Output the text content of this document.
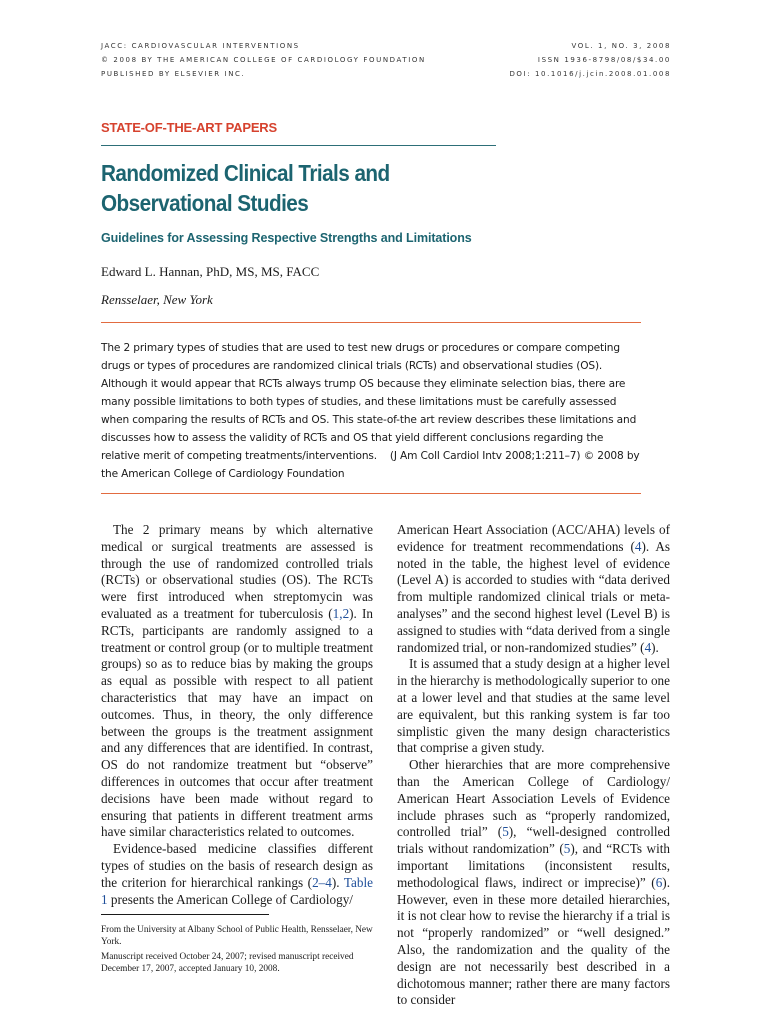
JACC: CARDIOVASCULAR INTERVENTIONS
© 2008 BY THE AMERICAN COLLEGE OF CARDIOLOGY FOUNDATION
PUBLISHED BY ELSEVIER INC.
VOL. 1, NO. 3, 2008
ISSN 1936-8798/08/$34.00
DOI: 10.1016/j.jcin.2008.01.008
STATE-OF-THE-ART PAPERS
Randomized Clinical Trials and Observational Studies
Guidelines for Assessing Respective Strengths and Limitations
Edward L. Hannan, PhD, MS, MS, FACC
Rensselaer, New York
The 2 primary types of studies that are used to test new drugs or procedures or compare competing drugs or types of procedures are randomized clinical trials (RCTs) and observational studies (OS). Although it would appear that RCTs always trump OS because they eliminate selection bias, there are many possible limitations to both types of studies, and these limitations must be carefully assessed when comparing the results of RCTs and OS. This state-of-the art review describes these limitations and discusses how to assess the validity of RCTs and OS that yield different conclusions regarding the relative merit of competing treatments/interventions. (J Am Coll Cardiol Intv 2008;1:211–7) © 2008 by the American College of Cardiology Foundation

The 2 primary means by which alternative medical or surgical treatments are assessed is through the use of randomized controlled trials (RCTs) or observational studies (OS). The RCTs were first introduced when streptomycin was evaluated as a treatment for tuberculosis (1,2). In RCTs, participants are randomly assigned to a treatment or control group (or to multiple treatment groups) so as to reduce bias by making the groups as equal as possible with respect to all patient characteristics that may have an impact on outcomes. Thus, in theory, the only difference between the groups is the treatment assignment and any differences that are identified. In contrast, OS do not randomize treatment but “observe” differences in outcomes that occur after treatment decisions have been made without regard to ensuring that patients in different treatment arms have similar characteristics related to outcomes.

Evidence-based medicine classifies different types of studies on the basis of research design as the criterion for hierarchical rankings (2–4). Table 1 presents the American College of Cardiology/

From the University at Albany School of Public Health, Rensselaer, New York.

Manuscript received October 24, 2007; revised manuscript received December 17, 2007, accepted January 10, 2008.

American Heart Association (ACC/AHA) levels of evidence for treatment recommendations (4). As noted in the table, the highest level of evidence (Level A) is accorded to studies with “data derived from multiple randomized clinical trials or meta-analyses” and the second highest level (Level B) is assigned to studies with “data derived from a single randomized trial, or non-randomized studies” (4).

It is assumed that a study design at a higher level in the hierarchy is methodologically superior to one at a lower level and that studies at the same level are equivalent, but this ranking system is far too simplistic given the many design characteristics that comprise a given study.

Other hierarchies that are more comprehensive than the American College of Cardiology/ American Heart Association Levels of Evidence include phrases such as “properly randomized, controlled trial” (5), “well-designed controlled trials without randomization” (5), and “RCTs with important limitations (inconsistent results, methodological flaws, indirect or imprecise)” (6). However, even in these more detailed hierarchies, it is not clear how to revise the hierarchy if a trial is not “properly randomized” or “well designed.” Also, the randomization and the quality of the design are not necessarily best described in a dichotomous manner; rather there are many factors to consider
